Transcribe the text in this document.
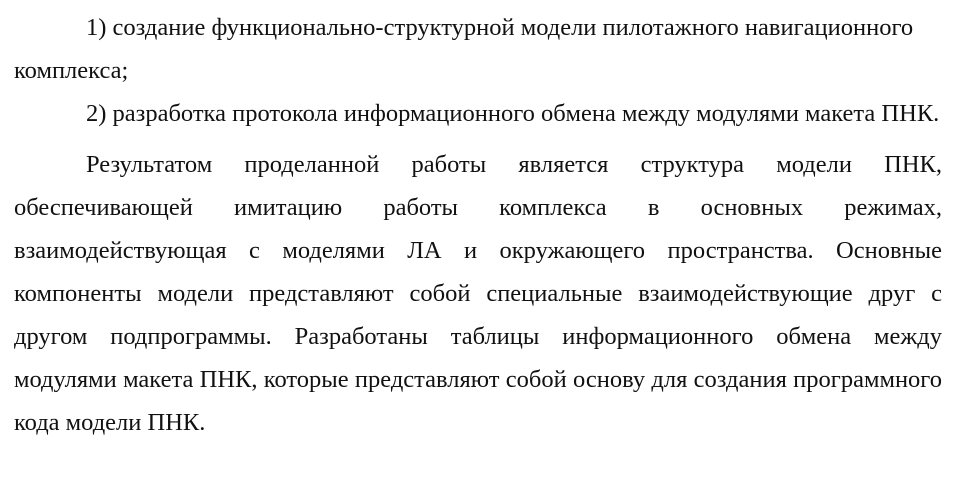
1) создание функционально-структурной модели пилотажного навигационного комплекса;

2) разработка протокола информационного обмена между модулями макета ПНК.

Результатом проделанной работы является структура модели ПНК, обеспечивающей имитацию работы комплекса в основных режимах, взаимодействующая с моделями ЛА и окружающего пространства. Основные компоненты модели представляют собой специальные взаимодействующие друг с другом подпрограммы. Разработаны таблицы информационного обмена между модулями макета ПНК, которые представляют собой основу для создания программного кода модели ПНК.
